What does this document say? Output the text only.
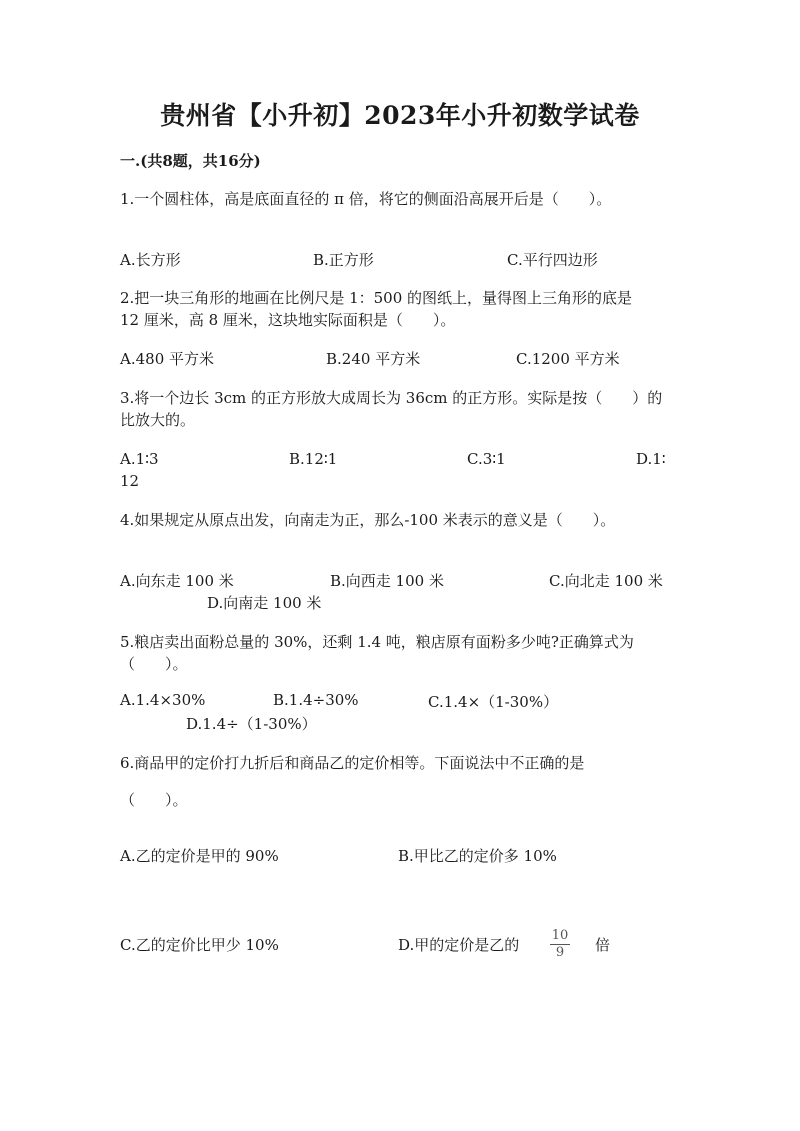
贵州省【小升初】2023年小升初数学试卷
一.(共8题，共16分)
1.一个圆柱体，高是底面直径的 π 倍，将它的侧面沿高展开后是（　　）。
A.长方形	B.正方形	C.平行四边形
2.把一块三角形的地画在比例尺是 1：500 的图纸上，量得图上三角形的底是
12 厘米，高 8 厘米，这块地实际面积是（　　）。
A.480 平方米	B.240 平方米	C.1200 平方米
3.将一个边长 3cm 的正方形放大成周长为 36cm 的正方形。实际是按（　　）的
比放大的。
A.1∶3	B.12∶1	C.3∶1	D.1∶
12
4.如果规定从原点出发，向南走为正，那么-100 米表示的意义是（　　）。
A.向东走 100 米	B.向西走 100 米	C.向北走 100 米
D.向南走 100 米
5.粮店卖出面粉总量的 30%，还剩 1.4 吨，粮店原有面粉多少吨?正确算式为
（　　）。
A.1.4×30%	B.1.4÷30%	C.1.4×（1-30%）
D.1.4÷（1-30%）
6.商品甲的定价打九折后和商品乙的定价相等。下面说法中不正确的是
（　　）。
A.乙的定价是甲的 90%	B.甲比乙的定价多 10%
C.乙的定价比甲少 10%	D.甲的定价是乙的
10
9 倍
